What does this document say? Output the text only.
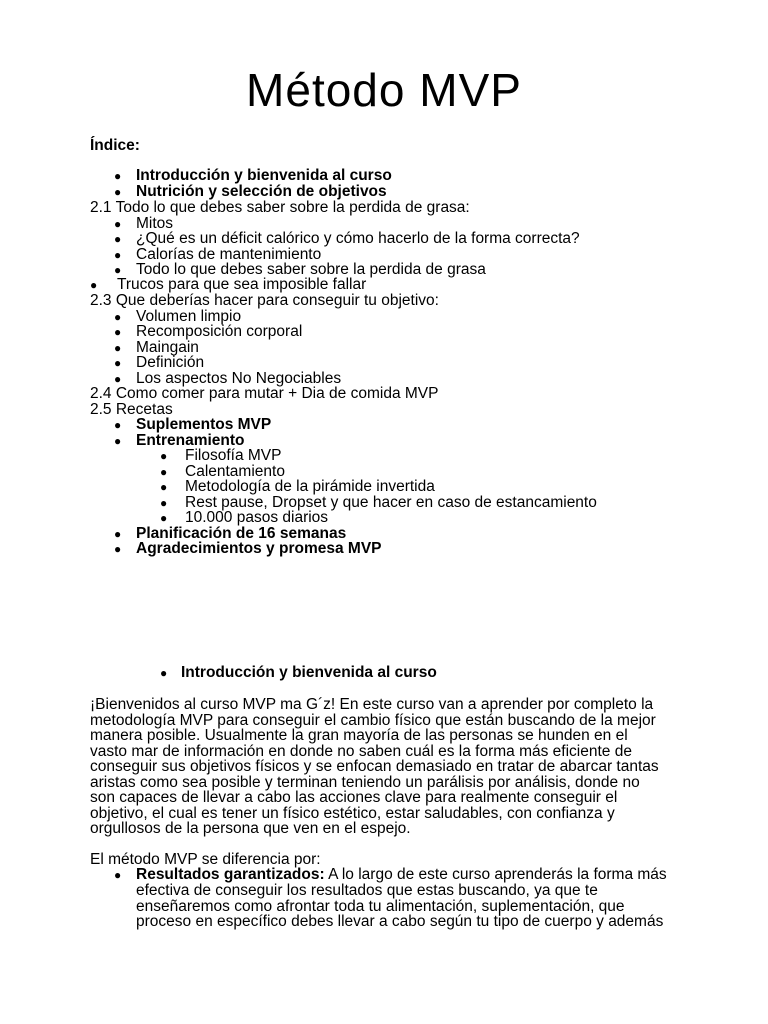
Método MVP
Índice:
● Introducción y bienvenida al curso
● Nutrición y selección de objetivos
2.1 Todo lo que debes saber sobre la perdida de grasa:
● Mitos
● ¿Qué es un déficit calórico y cómo hacerlo de la forma correcta?
● Calorías de mantenimiento
● Todo lo que debes saber sobre la perdida de grasa
● Trucos para que sea imposible fallar
2.3 Que deberías hacer para conseguir tu objetivo:
● Volumen limpio
● Recomposición corporal
● Maingain
● Definición
● Los aspectos No Negociables
2.4 Como comer para mutar + Dia de comida MVP
2.5 Recetas
● Suplementos MVP
● Entrenamiento
● Filosofía MVP
● Calentamiento
● Metodología de la pirámide invertida
● Rest pause, Dropset y que hacer en caso de estancamiento
● 10.000 pasos diarios
● Planificación de 16 semanas
● Agradecimientos y promesa MVP
● Introducción y bienvenida al curso
¡Bienvenidos al curso MVP ma G´z! En este curso van a aprender por completo la
metodología MVP para conseguir el cambio físico que están buscando de la mejor
manera posible. Usualmente la gran mayoría de las personas se hunden en el
vasto mar de información en donde no saben cuál es la forma más eficiente de
conseguir sus objetivos físicos y se enfocan demasiado en tratar de abarcar tantas
aristas como sea posible y terminan teniendo un parálisis por análisis, donde no
son capaces de llevar a cabo las acciones clave para realmente conseguir el
objetivo, el cual es tener un físico estético, estar saludables, con confianza y
orgullosos de la persona que ven en el espejo.
El método MVP se diferencia por:
● Resultados garantizados: A lo largo de este curso aprenderás la forma más
efectiva de conseguir los resultados que estas buscando, ya que te
enseñaremos como afrontar toda tu alimentación, suplementación, que
proceso en específico debes llevar a cabo según tu tipo de cuerpo y además
